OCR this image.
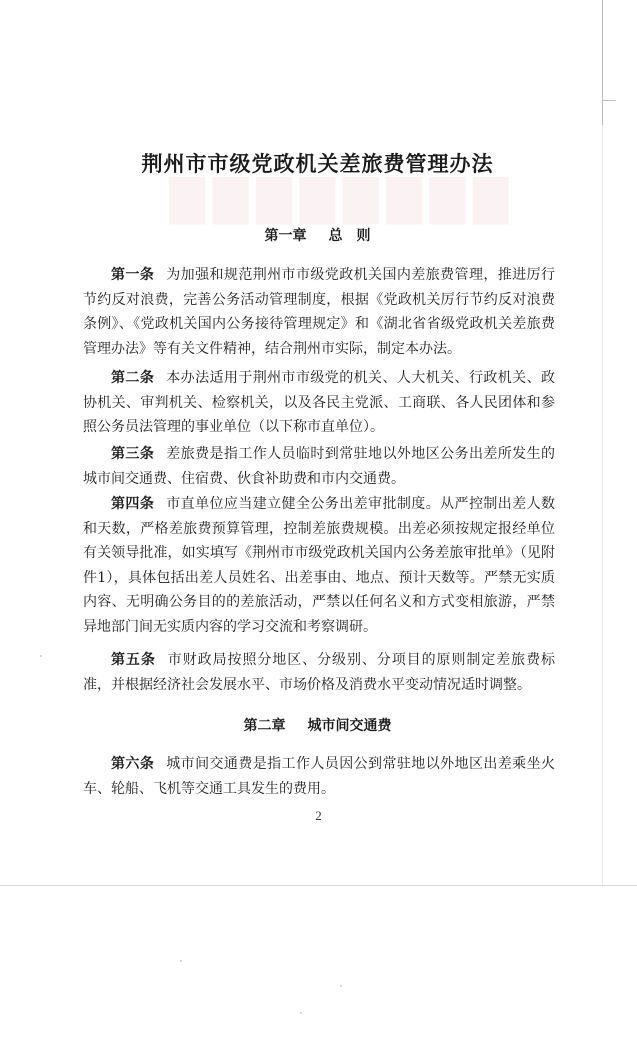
▇▇▇▇▇▇▇▇
荆州市市级党政机关差旅费管理办法
第一章 总　则
第一条 为加强和规范荆州市市级党政机关国内差旅费管理，推进厉行节约反对浪费，完善公务活动管理制度，根据《党政机关厉行节约反对浪费条例》、《党政机关国内公务接待管理规定》和《湖北省省级党政机关差旅费管理办法》等有关文件精神，结合荆州市实际，制定本办法。
第二条 本办法适用于荆州市市级党的机关、人大机关、行政机关、政协机关、审判机关、检察机关，以及各民主党派、工商联、各人民团体和参照公务员法管理的事业单位（以下称市直单位）。
第三条 差旅费是指工作人员临时到常驻地以外地区公务出差所发生的城市间交通费、住宿费、伙食补助费和市内交通费。
第四条 市直单位应当建立健全公务出差审批制度。从严控制出差人数和天数，严格差旅费预算管理，控制差旅费规模。出差必须按规定报经单位有关领导批准，如实填写《荆州市市级党政机关国内公务差旅审批单》（见附件1），具体包括出差人员姓名、出差事由、地点、预计天数等。严禁无实质内容、无明确公务目的的差旅活动，严禁以任何名义和方式变相旅游，严禁异地部门间无实质内容的学习交流和考察调研。
第五条 市财政局按照分地区、分级别、分项目的原则制定差旅费标准，并根据经济社会发展水平、市场价格及消费水平变动情况适时调整。
第二章 城市间交通费
第六条 城市间交通费是指工作人员因公到常驻地以外地区出差乘坐火车、轮船、飞机等交通工具发生的费用。
2
